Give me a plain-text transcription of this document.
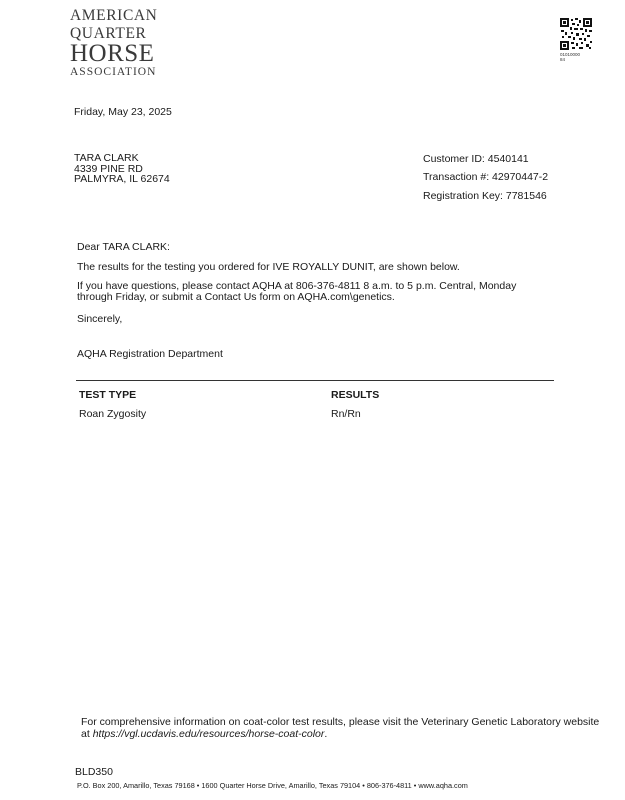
AMERICAN
QUARTER
HORSE
ASSOCIATION
01010000
84
Friday, May 23, 2025
TARA CLARK
4339 PINE RD
PALMYRA, IL 62674
Customer ID: 4540141
Transaction #: 42970447-2
Registration Key: 7781546
Dear TARA CLARK:
The results for the testing you ordered for IVE ROYALLY DUNIT, are shown below.
If you have questions, please contact AQHA at 806-376-4811 8 a.m. to 5 p.m. Central, Monday
through Friday, or submit a Contact Us form on AQHA.com\genetics.
Sincerely,
AQHA Registration Department
TEST TYPE	RESULTS
Roan Zygosity	Rn/Rn
For comprehensive information on coat-color test results, please visit the Veterinary Genetic Laboratory website
at https://vgl.ucdavis.edu/resources/horse-coat-color.
BLD350
P.O. Box 200, Amarillo, Texas 79168 • 1600 Quarter Horse Drive, Amarillo, Texas 79104 • 806-376-4811 • www.aqha.com
